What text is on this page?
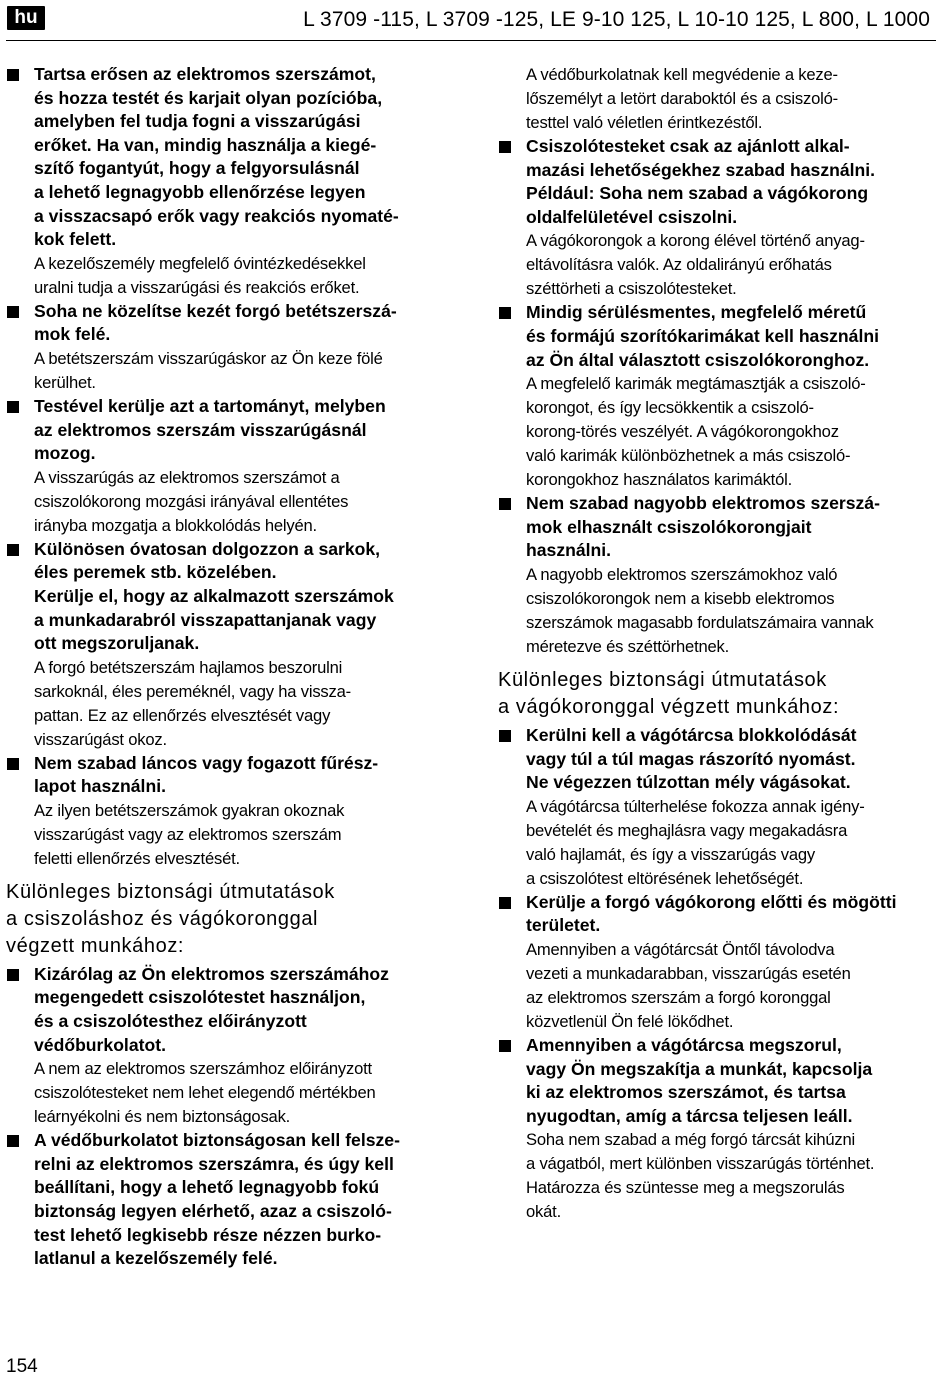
hu	L 3709 -115, L 3709 -125, LE 9-10 125, L 10-10 125, L 800, L 1000
Tartsa erősen az elektromos szerszámot,
és hozza testét és karjait olyan pozícióba,
amelyben fel tudja fogni a visszarúgási
erőket. Ha van, mindig használja a kiegé-
szítő fogantyút, hogy a felgyorsulásnál
a lehető legnagyobb ellenőrzése legyen
a visszacsapó erők vagy reakciós nyomaté-
kok felett.
A kezelőszemély megfelelő óvintézkedésekkel
uralni tudja a visszarúgási és reakciós erőket.
Soha ne közelítse kezét forgó betétszerszá-
mok felé.
A betétszerszám visszarúgáskor az Ön keze fölé
kerülhet.
Testével kerülje azt a tartományt, melyben
az elektromos szerszám visszarúgásnál
mozog.
A visszarúgás az elektromos szerszámot a
csiszolókorong mozgási irányával ellentétes
irányba mozgatja a blokkolódás helyén.
Különösen óvatosan dolgozzon a sarkok,
éles peremek stb. közelében.
Kerülje el, hogy az alkalmazott szerszámok
a munkadarabról visszapattanjanak vagy
ott megszoruljanak.
A forgó betétszerszám hajlamos beszorulni
sarkoknál, éles pereméknél, vagy ha vissza-
pattan. Ez az ellenőrzés elvesztését vagy
visszarúgást okoz.
Nem szabad láncos vagy fogazott fűrész-
lapot használni.
Az ilyen betétszerszámok gyakran okoznak
visszarúgást vagy az elektromos szerszám
feletti ellenőrzés elvesztését.
Különleges biztonsági útmutatások
a csiszoláshoz és vágókoronggal
végzett munkához:
Kizárólag az Ön elektromos szerszámához
megengedett csiszolótestet használjon,
és a csiszolótesthez előirányzott
védőburkolatot.
A nem az elektromos szerszámhoz előirányzott
csiszolótesteket nem lehet elegendő mértékben
leárnyékolni és nem biztonságosak.
A védőburkolatot biztonságosan kell felsze-
relni az elektromos szerszámra, és úgy kell
beállítani, hogy a lehető legnagyobb fokú
biztonság legyen elérhető, azaz a csiszoló-
test lehető legkisebb része nézzen burko-
latlanul a kezelőszemély felé.
A védőburkolatnak kell megvédenie a keze-
lőszemélyt a letört daraboktól és a csiszoló-
testtel való véletlen érintkezéstől.
Csiszolótesteket csak az ajánlott alkal-
mazási lehetőségekhez szabad használni.
Például: Soha nem szabad a vágókorong
oldalfelületével csiszolni.
A vágókorongok a korong élével történő anyag-
eltávolításra valók. Az oldalirányú erőhatás
széttörheti a csiszolótesteket.
Mindig sérülésmentes, megfelelő méretű
és formájú szorítókarimákat kell használni
az Ön által választott csiszolókoronghoz.
A megfelelő karimák megtámasztják a csiszoló-
korongot, és így lecsökkentik a csiszoló-
korong-törés veszélyét. A vágókorongokhoz
való karimák különbözhetnek a más csiszoló-
korongokhoz használatos karimáktól.
Nem szabad nagyobb elektromos szerszá-
mok elhasznált csiszolókorongjait
használni.
A nagyobb elektromos szerszámokhoz való
csiszolókorongok nem a kisebb elektromos
szerszámok magasabb fordulatszámaira vannak
méretezve és széttörhetnek.
Különleges biztonsági útmutatások
a vágókoronggal végzett munkához:
Kerülni kell a vágótárcsa blokkolódását
vagy túl a túl magas rászorító nyomást.
Ne végezzen túlzottan mély vágásokat.
A vágótárcsa túlterhelése fokozza annak igény-
bevételét és meghajlásra vagy megakadásra
való hajlamát, és így a visszarúgás vagy
a csiszolótest eltörésének lehetőségét.
Kerülje a forgó vágókorong előtti és mögötti
területet.
Amennyiben a vágótárcsát Öntől távolodva
vezeti a munkadarabban, visszarúgás esetén
az elektromos szerszám a forgó koronggal
közvetlenül Ön felé lökődhet.
Amennyiben a vágótárcsa megszorul,
vagy Ön megszakítja a munkát, kapcsolja
ki az elektromos szerszámot, és tartsa
nyugodtan, amíg a tárcsa teljesen leáll.
Soha nem szabad a még forgó tárcsát kihúzni
a vágatból, mert különben visszarúgás történhet.
Határozza és szüntesse meg a megszorulás
okát.
154
